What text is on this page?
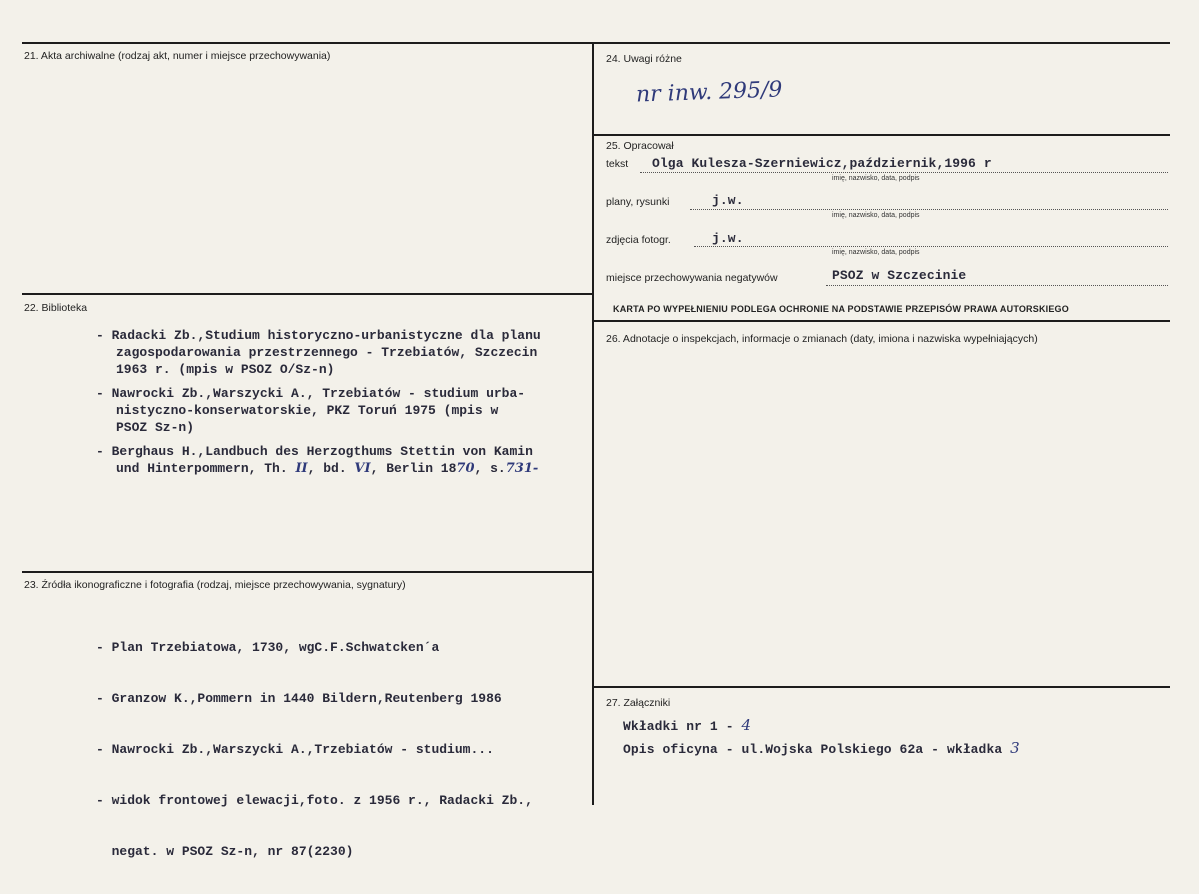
21. Akta archiwalne (rodzaj akt, numer i miejsce przechowywania)
22. Biblioteka
- Radacki Zb.,Studium historyczno-urbanistyczne dla planu
zagospodarowania przestrzennego - Trzebiatów, Szczecin
1963 r. (mpis w PSOZ O/Sz-n)
- Nawrocki Zb.,Warszycki A., Trzebiatów - studium urba-
nistyczno-konserwatorskie, PKZ Toruń 1975 (mpis w
PSOZ Sz-n)
- Berghaus H.,Landbuch des Herzogthums Stettin von Kamin
und Hinterpommern, Th. II, bd. VI, Berlin 1870, s.731-
23. Źródła ikonograficzne i fotografia (rodzaj, miejsce przechowywania, sygnatury)

- Plan Trzebiatowa, 1730, wgC.F.Schwatcken´a

- Granzow K.,Pommern in 1440 Bildern,Reutenberg 1986

- Nawrocki Zb.,Warszycki A.,Trzebiatów - studium...

- widok frontowej elewacji,foto. z 1956 r., Radacki Zb.,

negat. w PSOZ Sz-n, nr 87(2230)

24. Uwagi różne
nr inw. 295/9
25. Opracował
tekst Olga Kulesza-Szerniewicz,październik,1996 r
imię, nazwisko, data, podpis
plany, rysunki	j.w.
imię, nazwisko, data, podpis
zdjęcia fotogr.	j.w.
imię, nazwisko, data, podpis
miejsce przechowywania negatywów	PSOZ w Szczecinie
KARTA PO WYPEŁNIENIU PODLEGA OCHRONIE NA PODSTAWIE PRZEPISÓW PRAWA AUTORSKIEGO
26. Adnotacje o inspekcjach, informacje o zmianach (daty, imiona i nazwiska wypełniających)
27. Załączniki
Wkładki nr 1 - 4
Opis oficyna - ul.Wojska Polskiego 62a - wkładka 3
